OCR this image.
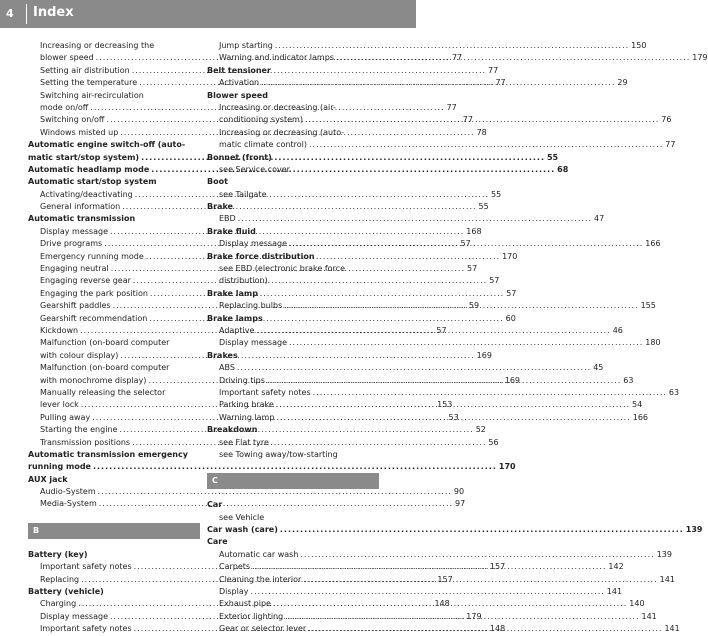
4 Index
Increasing or decreasing the
blower speed .....	77
Setting air distribution .....	77
Setting the temperature .....	77
Switching air-recirculation
mode on/off .....	77
Switching on/off .....	77
Windows misted up .....	78
Automatic engine switch-off (auto-
matic start/stop system) .....	55
Automatic headlamp mode .....	68
Automatic start/stop system
Activating/deactivating .....	55
General information .....	55
Automatic transmission
Display message .....	168
Drive programs .....	57
Emergency running mode .....	170
Engaging neutral .....	57
Engaging reverse gear .....	57
Engaging the park position .....	57
Gearshift paddles .....	59
Gearshift recommendation .....	60
Kickdown .....	57
Malfunction (on-board computer
with colour display) .....	169
Malfunction (on-board computer
with monochrome display) .....	169
Manually releasing the selector
lever lock .....	153
Pulling away .....	53
Starting the engine .....	52
Transmission positions .....	56
Automatic transmission emergency
running mode .....	170
AUX jack
Audio-System .....	90
Media-System .....	97
B
Battery (key)
Important safety notes .....	157
Replacing .....	157
Battery (vehicle)
Charging .....	148
Display message .....	179
Important safety notes .....	148
Jump starting .....	150
Warning and indicator lamps .....	179
Belt tensioner
Activation .....	29
Blower speed
Increasing or decreasing (air-
conditioning system) .....	76
Increasing or decreasing (auto-
matic climate control) .....	77
Bonnet (front)
see Service cover
Boot
see Tailgate
Brake
EBD .....	47
Brake fluid
Display message .....	166
Brake force distribution
see EBD (electronic brake force
distribution)
Brake lamp
Replacing bulbs .....	155
Brake lamps
Adaptive .....	46
Display message .....	180
Brakes
ABS .....	45
Driving tips .....	63
Important safety notes .....	63
Parking brake .....	54
Warning lamp .....	166
Breakdown
see Flat tyre
see Towing away/tow-starting
C
Car
see Vehicle
Car wash (care) .....	139
Care
Automatic car wash .....	139
Carpets .....	142
Cleaning the interior .....	141
Display .....	141
Exhaust pipe .....	140
Exterior lighting .....	141
Gear or selector lever .....	141
